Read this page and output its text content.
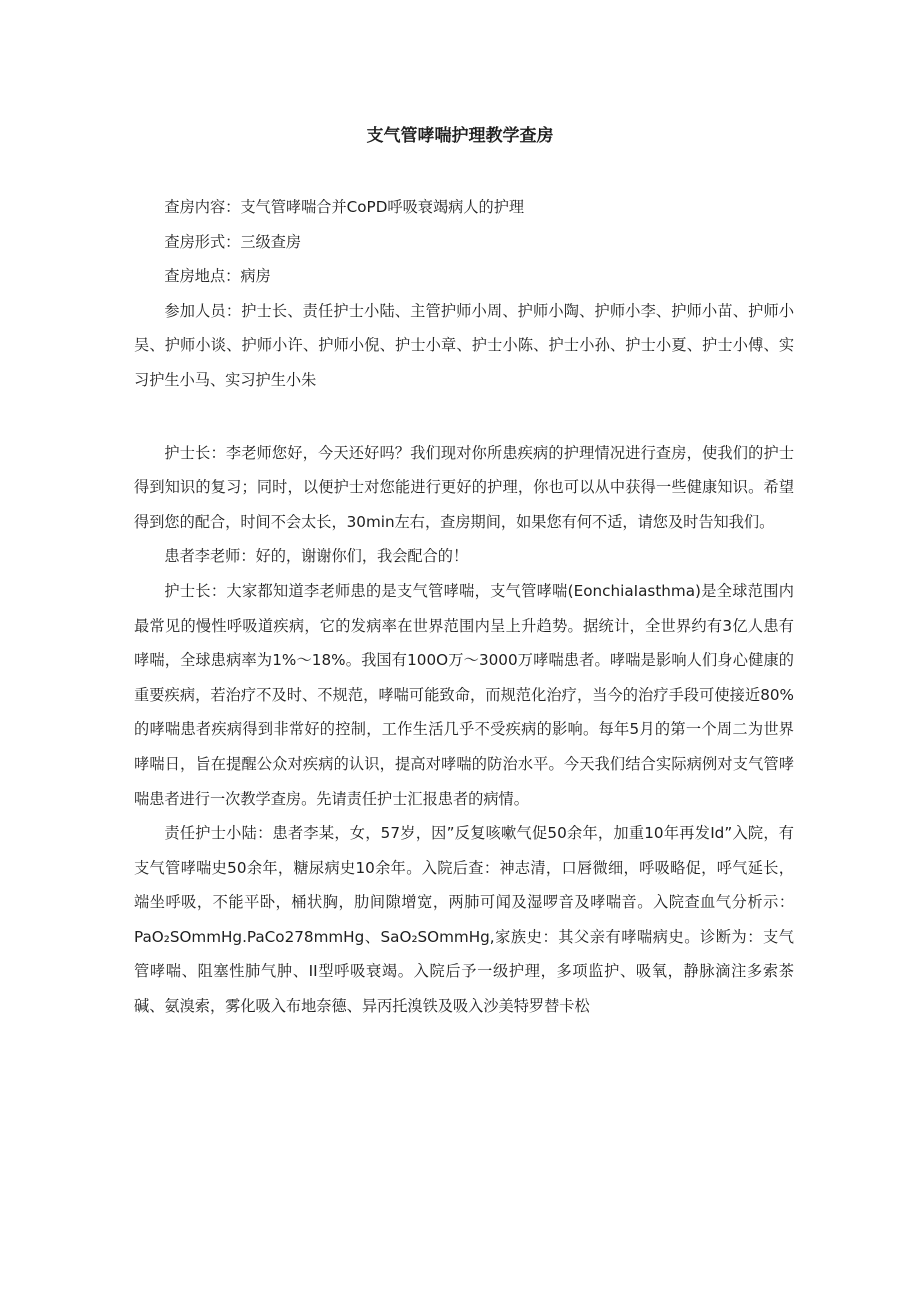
支气管哮喘护理教学查房

查房内容：支气管哮喘合并CoPD呼吸衰竭病人的护理

查房形式：三级查房

查房地点：病房

参加人员：护士长、责任护士小陆、主管护师小周、护师小陶、护师小李、护师小苗、护师小吴、护师小谈、护师小许、护师小倪、护士小章、护士小陈、护士小孙、护士小夏、护士小傅、实习护生小马、实习护生小朱

护士长：李老师您好，今天还好吗？我们现对你所患疾病的护理情况进行查房，使我们的护士得到知识的复习；同时，以便护士对您能进行更好的护理，你也可以从中获得一些健康知识。希望得到您的配合，时间不会太长，30min左右，查房期间，如果您有何不适，请您及时告知我们。

患者李老师：好的，谢谢你们，我会配合的！

护士长：大家都知道李老师患的是支气管哮喘，支气管哮喘(EonchiaIasthma)是全球范围内最常见的慢性呼吸道疾病，它的发病率在世界范围内呈上升趋势。据统计，全世界约有3亿人患有哮喘，全球患病率为1%～18%。我国有100O万～3000万哮喘患者。哮喘是影响人们身心健康的重要疾病，若治疗不及时、不规范，哮喘可能致命，而规范化治疗，当今的治疗手段可使接近80%的哮喘患者疾病得到非常好的控制，工作生活几乎不受疾病的影响。每年5月的第一个周二为世界哮喘日，旨在提醒公众对疾病的认识，提高对哮喘的防治水平。今天我们结合实际病例对支气管哮喘患者进行一次教学查房。先请责任护士汇报患者的病情。

责任护士小陆：患者李某，女，57岁，因”反复咳嗽气促50余年，加重10年再发Id”入院，有支气管哮喘史50余年，糖尿病史10余年。入院后查：神志清，口唇微细，呼吸略促，呼气延长，端坐呼吸，不能平卧，桶状胸，肋间隙增宽，两肺可闻及湿啰音及哮喘音。入院查血气分析示：PaO₂SOmmHg.PaCo278mmHg、SaO₂SOmmHg,家族史：其父亲有哮喘病史。诊断为：支气管哮喘、阻塞性肺气肿、II型呼吸衰竭。入院后予一级护理，多项监护、吸氧，静脉滴注多索茶碱、氨溴索，雾化吸入布地奈德、异丙托溴铁及吸入沙美特罗替卡松
